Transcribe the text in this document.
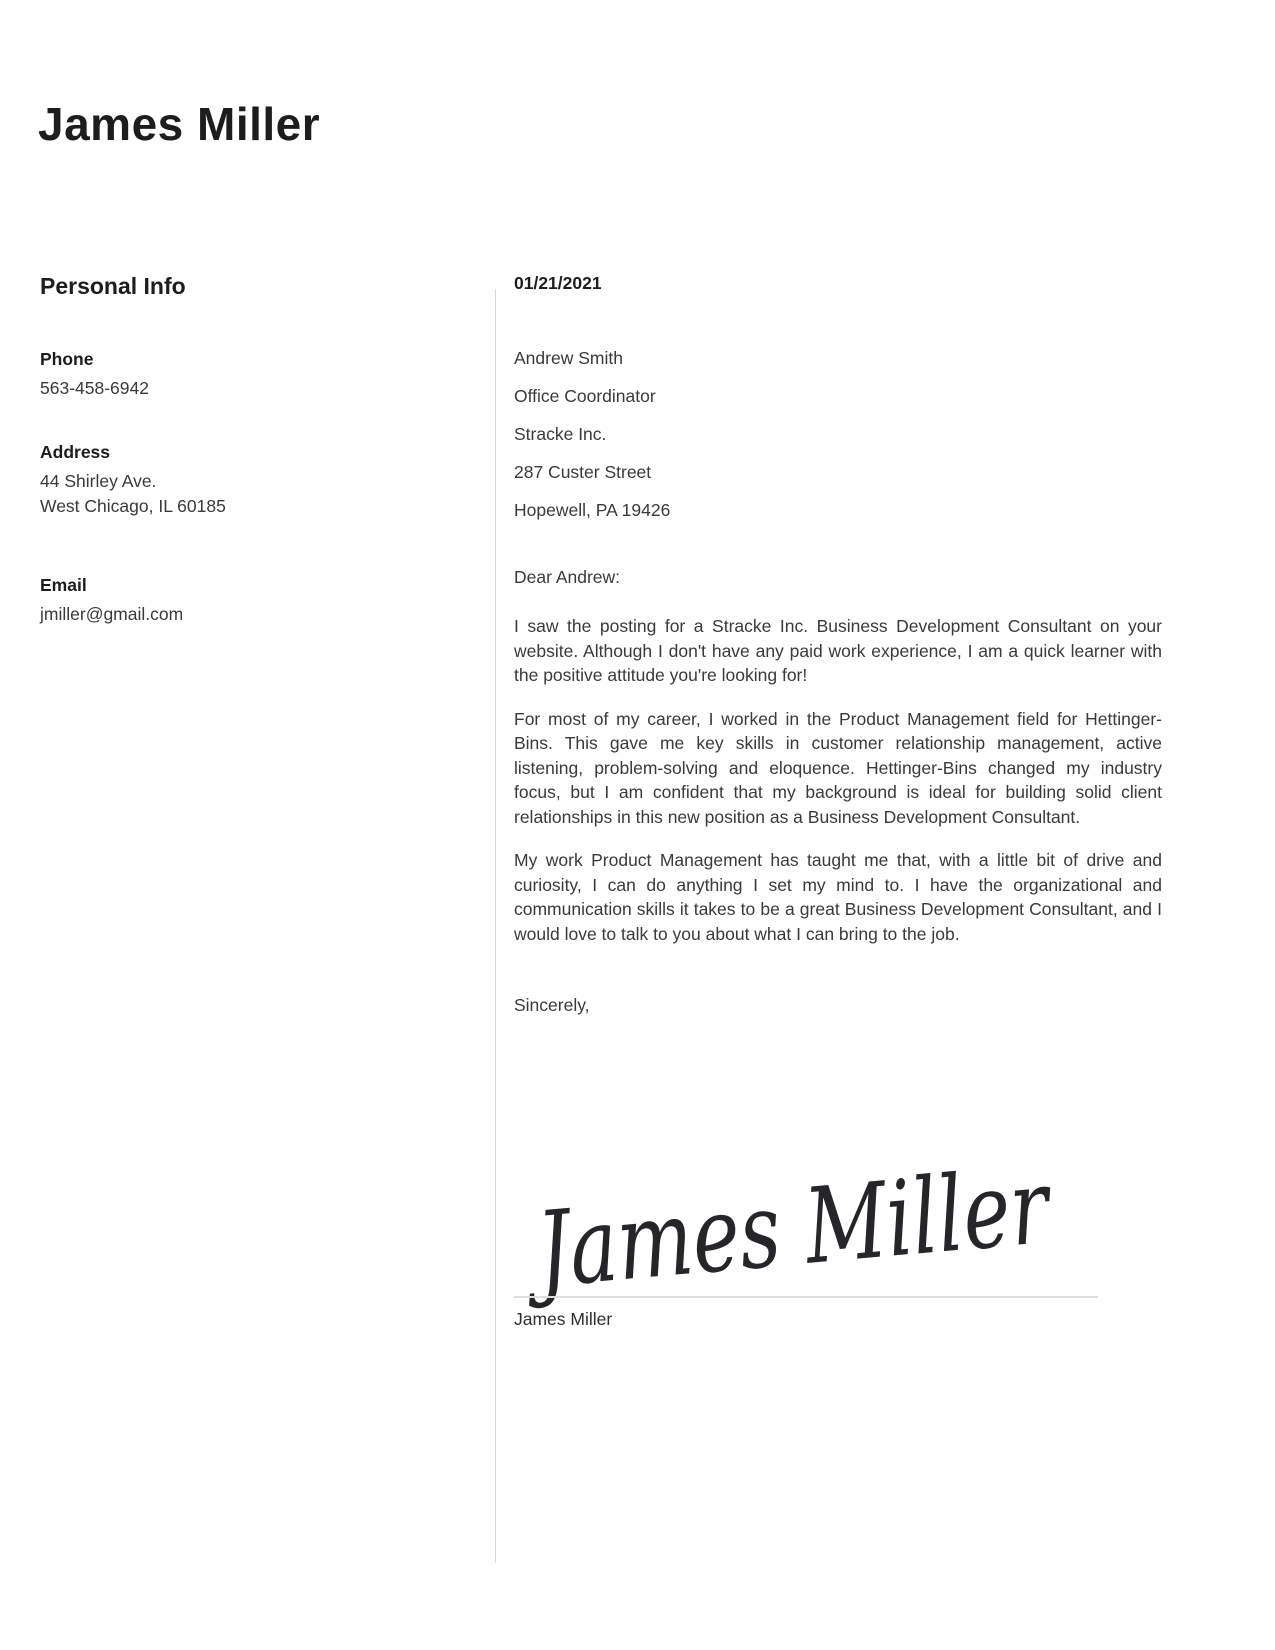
James Miller
Personal Info
Phone
563-458-6942
Address
44 Shirley Ave.
West Chicago, IL 60185
Email
jmiller@gmail.com

01/21/2021

Andrew Smith

Office Coordinator

Stracke Inc.

287 Custer Street

Hopewell, PA 19426

Dear Andrew:

I saw the posting for a Stracke Inc. Business Development Consultant on your website. Although I don't have any paid work experience, I am a quick learner with the positive attitude you're looking for!

For most of my career, I worked in the Product Management field for Hettinger-Bins. This gave me key skills in customer relationship management, active listening, problem-solving and eloquence. Hettinger-Bins changed my industry focus, but I am confident that my background is ideal for building solid client relationships in this new position as a Business Development Consultant.

My work Product Management has taught me that, with a little bit of drive and curiosity, I can do anything I set my mind to. I have the organizational and communication skills it takes to be a great Business Development Consultant, and I would love to talk to you about what I can bring to the job.

Sincerely,

James Miller
James Miller
